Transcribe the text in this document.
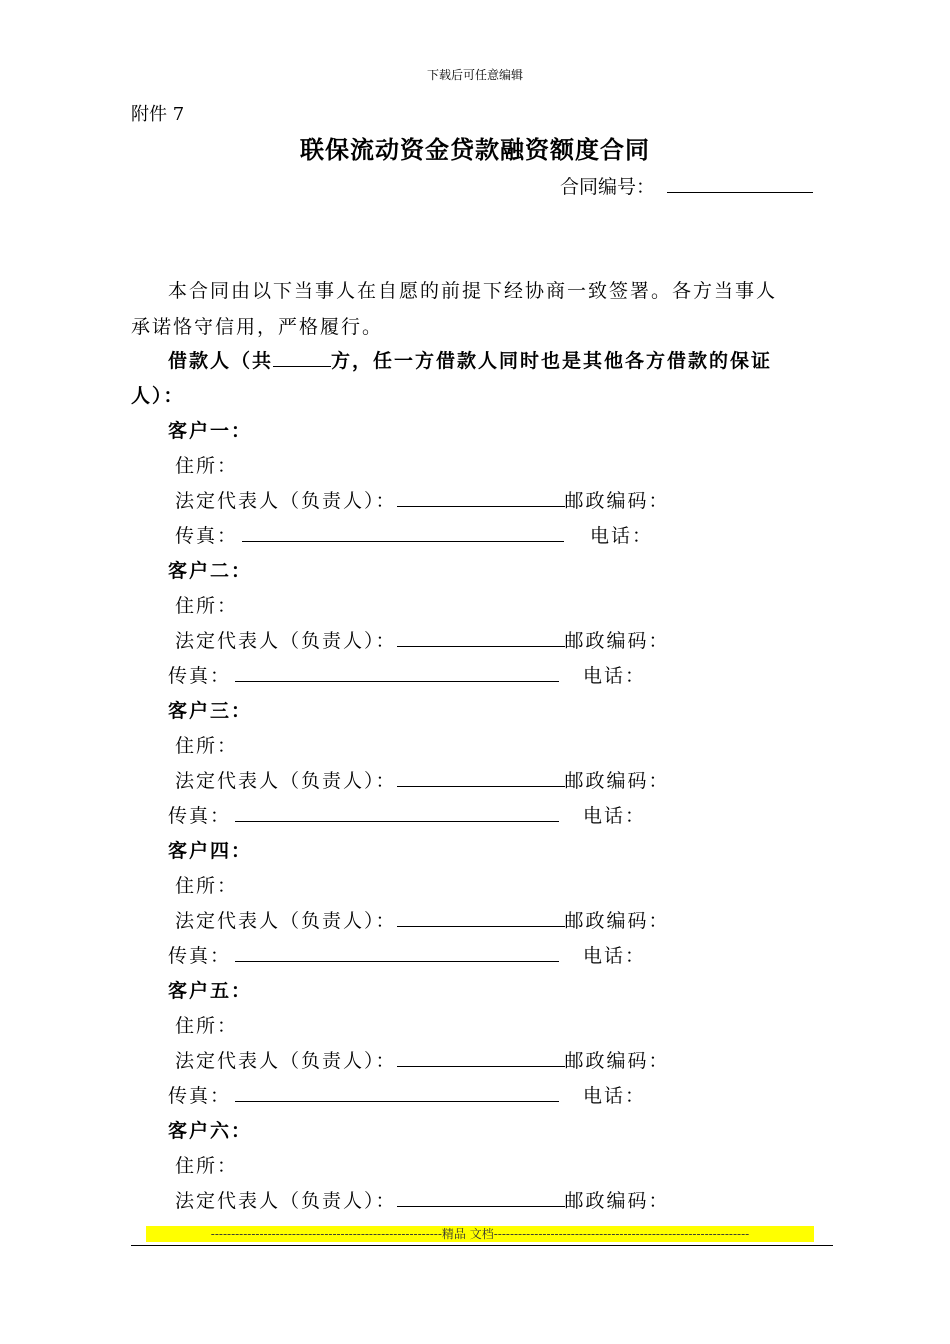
下载后可任意编辑
附件 7
联保流动资金贷款融资额度合同
合同编号：
本合同由以下当事人在自愿的前提下经协商一致签署。各方当事人
承诺恪守信用，严格履行。
借款人（共	方，任一方借款人同时也是其他各方借款的保证
人）：
客户一：
住所：
法定代表人（负责人）：	邮政编码：
传真：	电话：
客户二：
住所：
法定代表人（负责人）：	邮政编码：
传真：	电话：
客户三：
住所：
法定代表人（负责人）：	邮政编码：
传真：	电话：
客户四：
住所：
法定代表人（负责人）：	邮政编码：
传真：	电话：
客户五：
住所：
法定代表人（负责人）：	邮政编码：
传真：	电话：
客户六：
住所：
法定代表人（负责人）：	邮政编码：
---------------------------------------------------------精品 文档---------------------------------------------------------------
